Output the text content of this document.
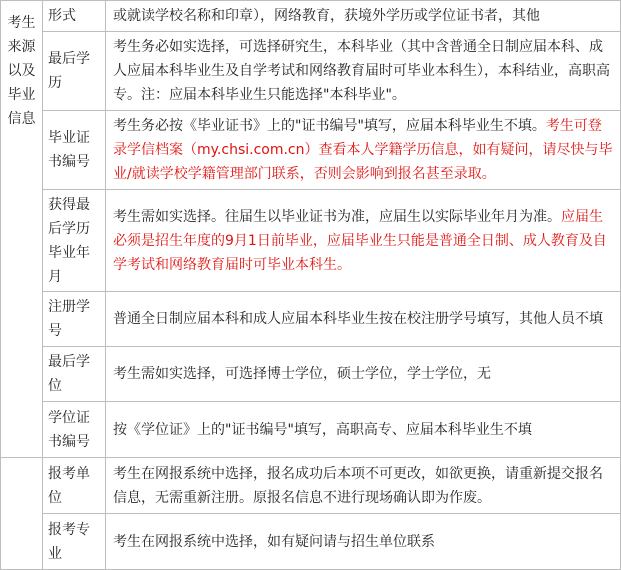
考生来源以及毕业信息	形式	或就读学校名称和印章），网络教育，获境外学历或学位证书者，其他
	最后学历	考生务必如实选择，可选择研究生，本科毕业（其中含普通全日制应届本科、成人应届本科毕业生及自学考试和网络教育届时可毕业本科生），本科结业，高职高专。注：应届本科毕业生只能选择"本科毕业"。
	毕业证书编号	考生务必按《毕业证书》上的"证书编号"填写，应届本科毕业生不填。考生可登录学信档案（my.chsi.com.cn）查看本人学籍学历信息，如有疑问，请尽快与毕业/就读学校学籍管理部门联系，否则会影响到报名甚至录取。
	获得最后学历毕业年月	考生需如实选择。往届生以毕业证书为准，应届生以实际毕业年月为准。应届生必须是招生年度的9月1日前毕业，应届毕业生只能是普通全日制、成人教育及自学考试和网络教育届时可毕业本科生。
	注册学号	普通全日制应届本科和成人应届本科毕业生按在校注册学号填写，其他人员不填
	最后学位	考生需如实选择，可选择博士学位，硕士学位，学士学位，无
	学位证书编号	按《学位证》上的"证书编号"填写，高职高专、应届本科毕业生不填
	报考单位	考生在网报系统中选择，报名成功后本项不可更改，如欲更换，请重新提交报名信息，无需重新注册。原报名信息不进行现场确认即为作废。
	报考专业	考生在网报系统中选择，如有疑问请与招生单位联系
